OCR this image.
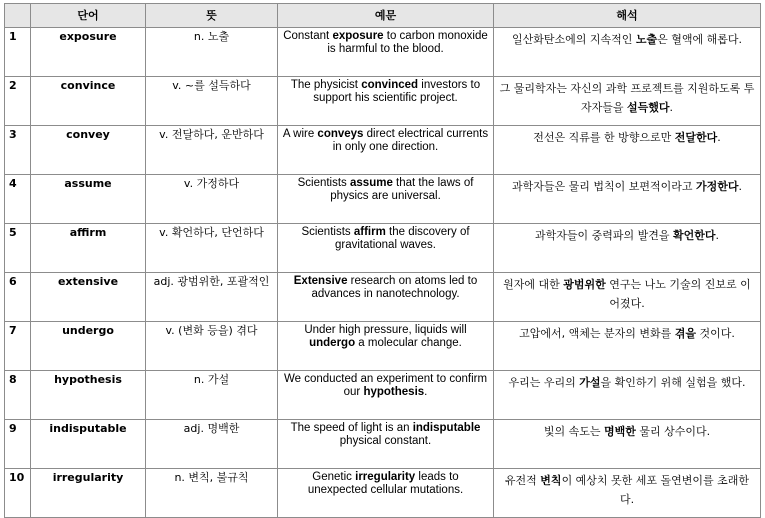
	단어	뜻	예문	해석
1	exposure	n. 노출	Constant exposure to carbon monoxide is harmful to the blood.	일산화탄소에의 지속적인 노출은 혈액에 해롭다.
2	convince	v. ~를 설득하다	The physicist convinced investors to support his scientific project.	그 물리학자는 자신의 과학 프로젝트를 지원하도록 투자자들을 설득했다.
3	convey	v. 전달하다, 운반하다	A wire conveys direct electrical currents in only one direction.	전선은 직류를 한 방향으로만 전달한다.
4	assume	v. 가정하다	Scientists assume that the laws of physics are universal.	과학자들은 물리 법칙이 보편적이라고 가정한다.
5	affirm	v. 확언하다, 단언하다	Scientists affirm the discovery of gravitational waves.	과학자들이 중력파의 발견을 확언한다.
6	extensive	adj. 광범위한, 포괄적인	Extensive research on atoms led to advances in nanotechnology.	원자에 대한 광범위한 연구는 나노 기술의 진보로 이어졌다.
7	undergo	v. (변화 등을) 겪다	Under high pressure, liquids will undergo a molecular change.	고압에서, 액체는 분자의 변화를 겪을 것이다.
8	hypothesis	n. 가설	We conducted an experiment to confirm our hypothesis.	우리는 우리의 가설을 확인하기 위해 실험을 했다.
9	indisputable	adj. 명백한	The speed of light is an indisputable physical constant.	빛의 속도는 명백한 물리 상수이다.
10	irregularity	n. 변칙, 불규칙	Genetic irregularity leads to unexpected cellular mutations.	유전적 변칙이 예상치 못한 세포 돌연변이를 초래한다.
